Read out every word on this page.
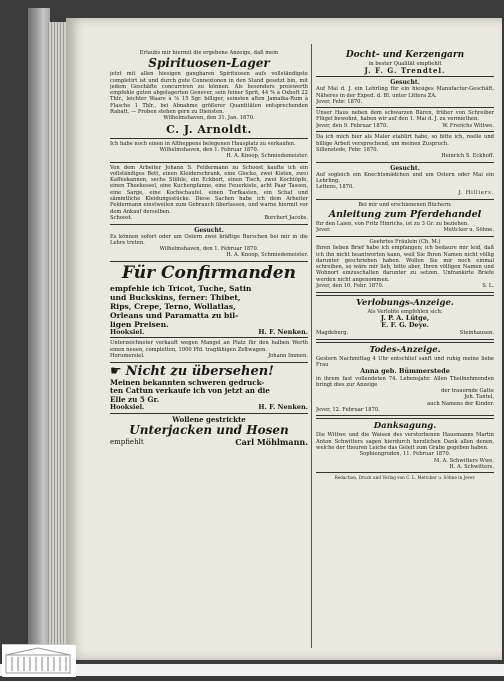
Erlaubs mir hiermit die ergebene Anzeige, daß mein

Spirituosen-Lager

jetzt mit allen hiesigen gangbaren Spirituosen aufs vollständigste completirt ist und durch gute Connexionen in den Stand gesetzt bin, mit jedem Geschäfte concurriren zu können. Als besonders preiswerth empfehle guten abgelagerten Genever, sein feiner Sprit, 44 % à Oxhoft 22 Thlr., leichter Waare à ⅝ 15 Sgr. billiger, seinsten alten Jamaika-Rum à Flasche 1 Thlr., bei Abnahme größerer Quantitäten entsprechenden Rabatt. — Proben stehen gern zu Diensten.

Wilhelmshaven, den 31. Jan. 1870.

C. J. Arnoldt.

Ich habe noch einen in Altheppens belegenen Hausplatz zu verkaufen.

Wilhelmshaven, den 1. Februar 1870.

H. A. Knoop, Schmiedemeister.

Von dem Arbeiter Johann S. Feldermann zu Schoost kaufte ich ein vollständiges Bett, einen Kleiderschrank, eine Glocke, zwei Kisten, zwei Kaffeekannen, sechs Stühle, ein Eckbort, einen Tisch, zwei Kochtöpfe, einen Theekessel, eine Kuchenpfanne, eine Feuerkiste, acht Paar Tassen, eine Sarge, eine Kochschaufel, einen Torfkasten, ein Schaf und sämmtliche Kleidungsstücke. Diese Sachen habe ich dem Arbeiter Feldermann einstweilen zum Gebrauch überlassen, und warne hiermit vor dem Ankauf derselben.

Schoost.	Borchert Jacobs.
Gesucht.

Es können sofort oder um Ostern zwei kräftige Burschen bei mir in die Lehre treten.

Wilhelmshaven, den 1. Februar 1870.

H. A. Knoop, Schmiedemeister.

Für Confirmanden
empfehle ich Tricot, Tuche, Satin
und Buckskins, ferner: Thibet,
Rips, Crepe, Terno, Wollatlas,
Orleans und Paramatta zu bil-
ligen Preisen.
Hooksiel.	H. F. Nenken.

Unterzeichneter verkauft wegen Mangel an Platz für den halben Werth einen neuen, completten, 1000 Pfd. tragfähigen Zeltwagen.

Horumersiel.	Johann Immen.
☛ Nicht zu übersehen!
Meinen bekannten schweren gedruck-
ten Cattun verkaufe ich von jetzt an die
Elle zu 5 Gr.
Hooksiel.	H. F. Nenken.
Wollene gestrickte
Unterjacken und Hosen
empfiehlt	Carl Möhlmann.
Docht- und Kerzengarn

in bester Qualität empfiehlt

J. F. G. Trendtel.
Gesucht.

Auf Mai d. J. ein Lehrling für ein hiesiges Manufactur-Geschäft. Näheres in der Exped. d. Bl. unter Littera ZA.

Jever, Febr. 1870.

Unser Haus neben dem schwarzen Bären, früher von Schreiber Flügel bewohnt, haben wir auf den 1. Mai d. J. zu vermiethen.

Jever, den 9. Februar 1870.	W. Frerichs Wittwe.

Da ich mich hier als Maler etablirt habe, so bitte ich, reelle und billige Arbeit versprechend, um meinen Zuspruch.

Sillenstede, Febr. 1870.

Heinrich S. Eckhoff.

Gesucht.

Auf sogleich ein Knechtsmädchen und um Ostern oder Mai ein Lehrling.

Lettens, 1870.

J. Hilliers.

Bei mir und erschienenen Büchern:

Anleitung zum Pferdehandel

für den Laien, von Fritz Hinrichs, ist zu 3 Gr. zu beziehen.

Jever.	Mettcker u. Söhne.

Geehrtes Fräulein (Ch. M.)

Ihren lieben Brief habe ich empfangen; ich bedaure mir leid, daß ich ihn nicht beantworten kann, weil Sie Ihren Namen nicht völlig darunter geschrieben haben. Wollen Sie mir noch einmal schreiben, so wäre mir lieb, bitte aber, Ihren völligen Namen und Wohnort einzuschalten darunter zu setzen. Unfrankirte Briefe werden nicht angenommen.

Jever, den 10. Febr. 1870.	S. L.
Verlobungs-Anzeige.

Als Verlobte empfehlen sich:

J. P. A. Lütge,
E. F. G. Deye.
Magdeburg.	Steinhausen.
Todes-Anzeige.

Gestern Nachmittag 4 Uhr entschlief sanft und ruhig meine liebe Frau

Anna geb. Bümmerstede

in ihrem fast vollendeten 74. Lebensjahr. Allen Theilnehmenden bringt dies zur Anzeige

der trauernde Gatte

Joh. Tantel,

auch Namens der Kinder.

Jever, 12. Februar 1870.

Danksagung.

Die Wittwe und die Waisen des verstorbenen Hausmanns Martin Anton Schwitters sagen hierdurch herzlichen Dank allen denen, welche der theuren Leiche das Geleit zum Grabe gegeben haben.

Sophiengroden, 11. Februar 1870.

M. A. Schwitters Wwe.

H. A. Schwitters.

Redaction, Druck und Verlag von C. L. Mettcker u. Söhne in Jever.
